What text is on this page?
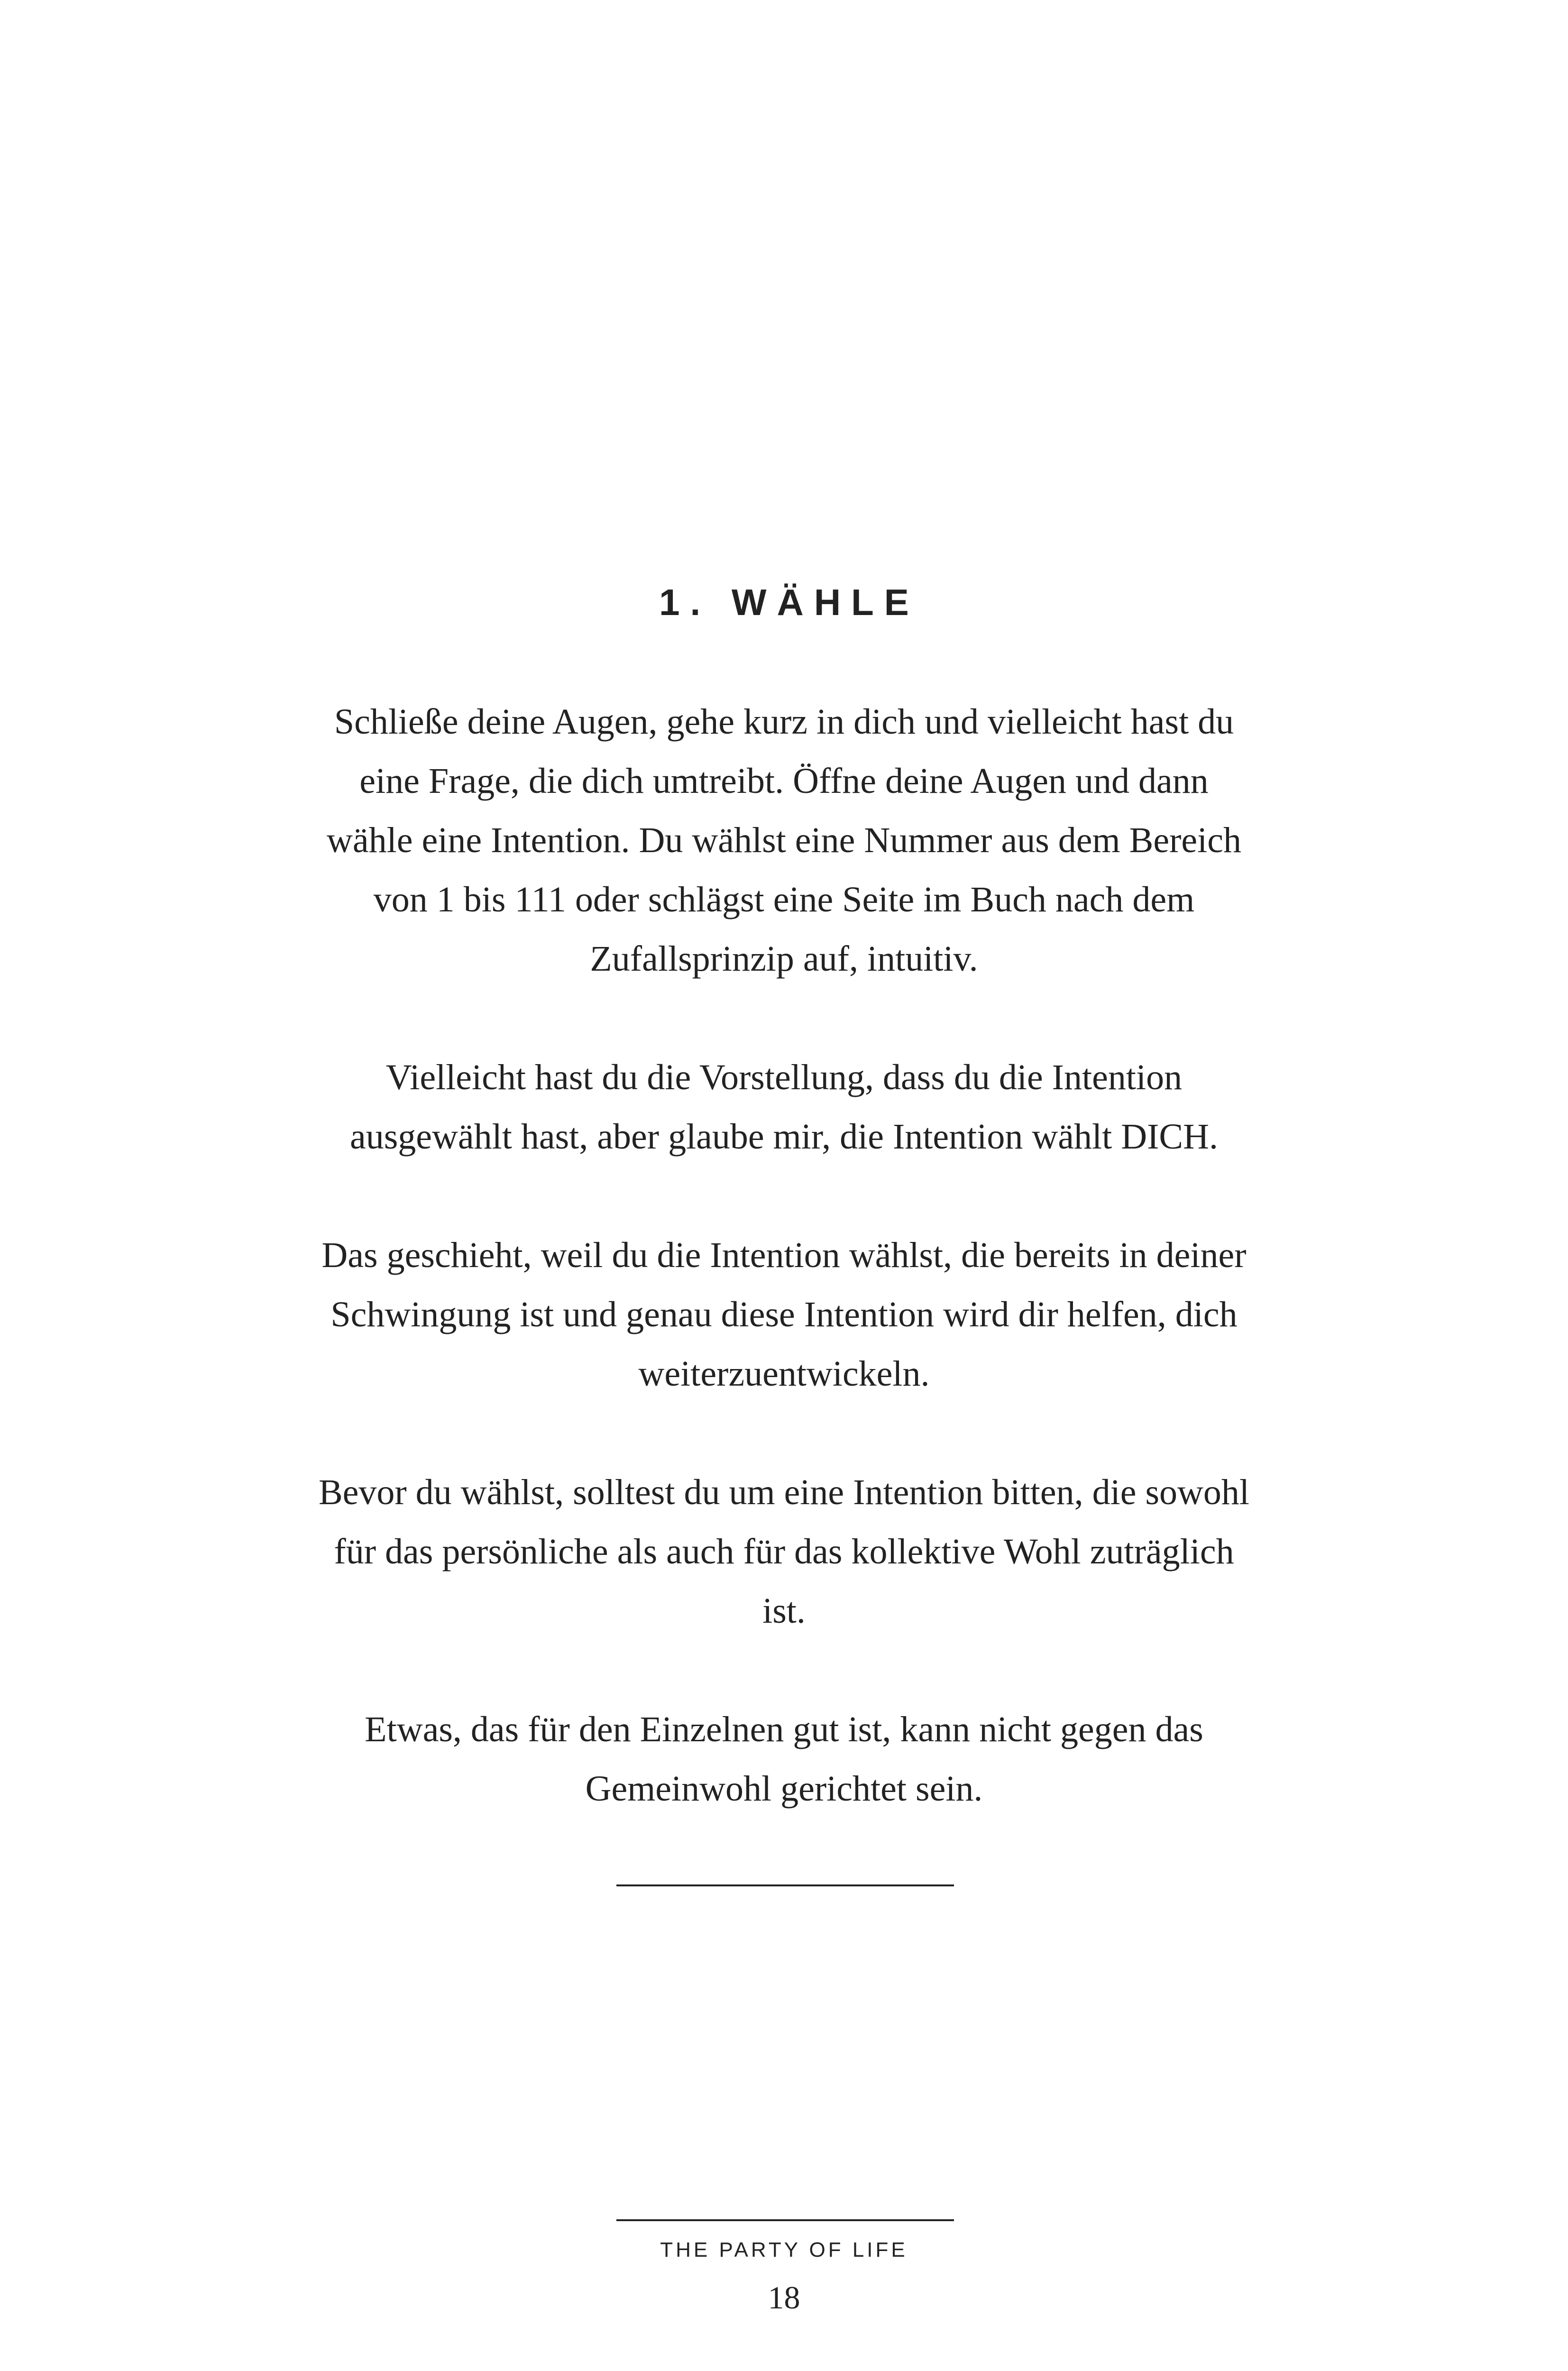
1. WÄHLE

Schließe deine Augen, gehe kurz in dich und vielleicht hast du
eine Frage, die dich umtreibt. Öffne deine Augen und dann
wähle eine Intention. Du wählst eine Nummer aus dem Bereich
von 1 bis 111 oder schlägst eine Seite im Buch nach dem
Zufallsprinzip auf, intuitiv.

Vielleicht hast du die Vorstellung, dass du die Intention
ausgewählt hast, aber glaube mir, die Intention wählt DICH.

Das geschieht, weil du die Intention wählst, die bereits in deiner
Schwingung ist und genau diese Intention wird dir helfen, dich
weiterzuentwickeln.

Bevor du wählst, solltest du um eine Intention bitten, die sowohl
für das persönliche als auch für das kollektive Wohl zuträglich
ist.

Etwas, das für den Einzelnen gut ist, kann nicht gegen das
Gemeinwohl gerichtet sein.

THE PARTY OF LIFE
18
